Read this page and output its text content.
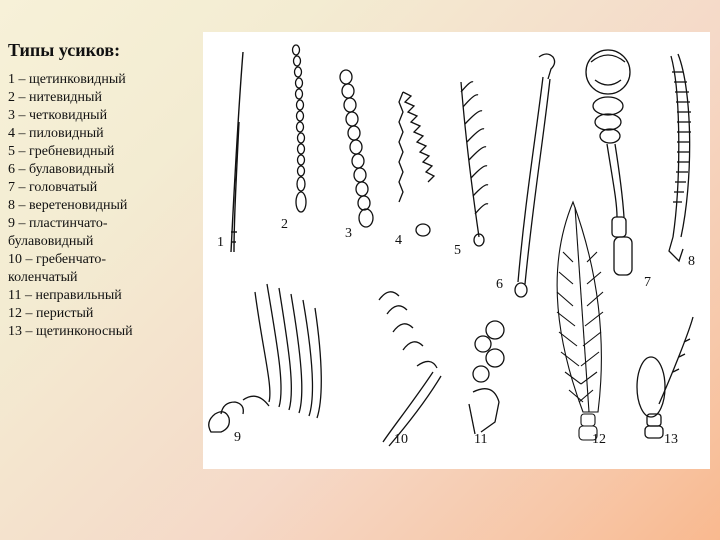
Типы усиков:
1 – щетинковидный
2 – нитевидный
3 – четковидный
4 – пиловидный
5 – гребневидный
6 – булавовидный
7 – головчатый
8 – веретеновидный
9 – пластинчато-
булавовидный
10 – гребенчато-
коленчатый
11 – неправильный
12 – перистый
13 – щетинконосный
1
2
3	4
5
6	7
8
9	10	11	12	13
